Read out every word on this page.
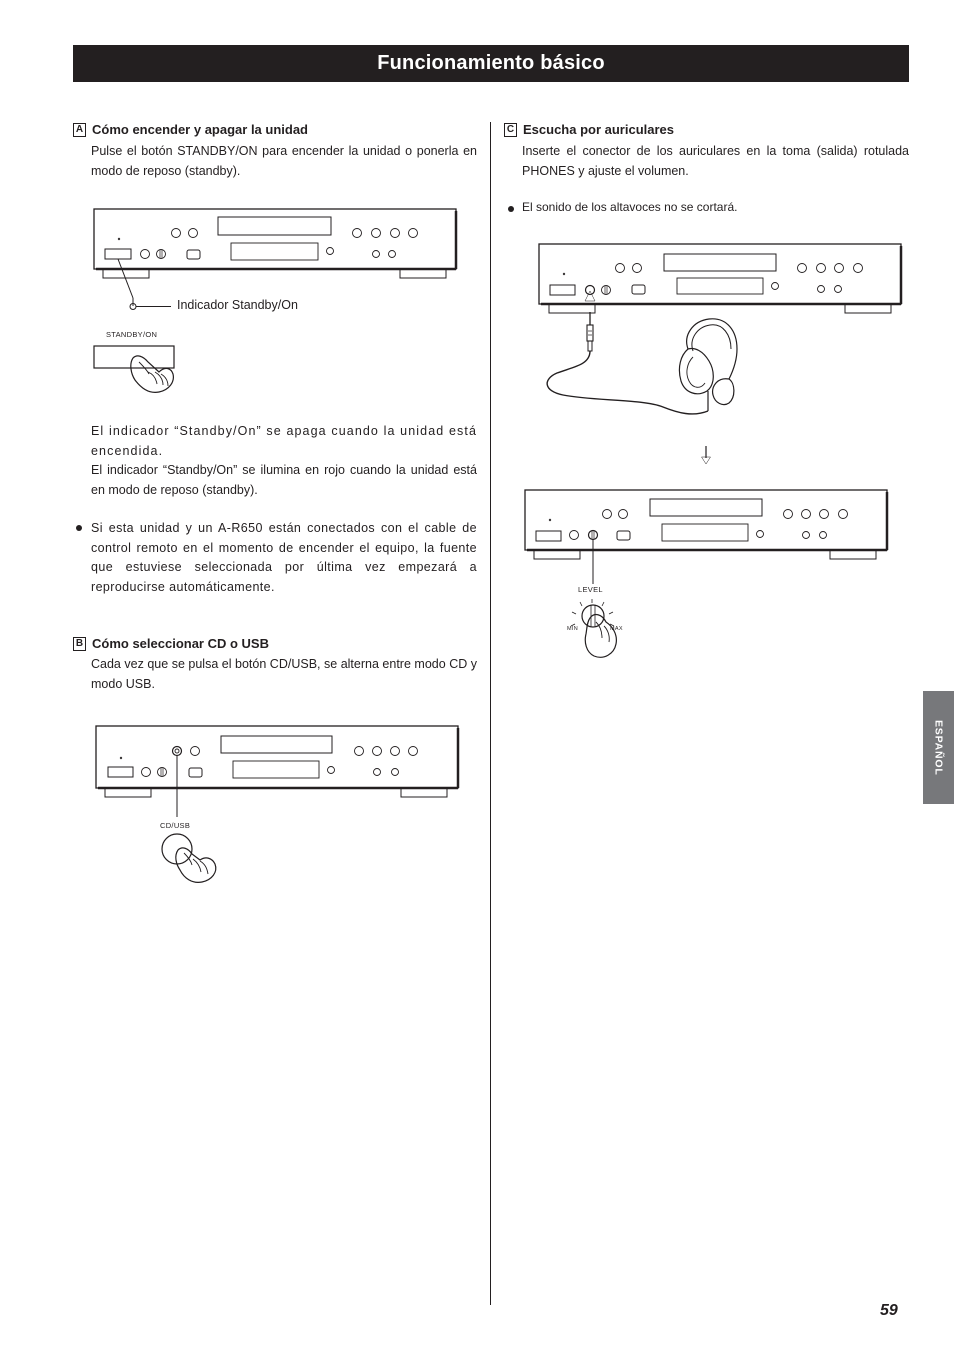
Funcionamiento básico
A Cómo encender y apagar la unidad

Pulse el botón STANDBY/ON para encender la unidad o ponerla en modo de reposo (standby).

Indicador Standby/On
STANDBY/ON

El indicador “Standby/On” se apaga cuando la unidad está encendida.

El indicador “Standby/On” se ilumina en rojo cuando la unidad está en modo de reposo (standby).

Si esta unidad y un A-R650 están conectados con el cable de control remoto en el momento de encender el equipo, la fuente que estuviese seleccionada por última vez empezará a reproducirse automáticamente.

B Cómo seleccionar CD o USB

Cada vez que se pulsa el botón CD/USB, se alterna entre modo CD y modo USB.

CD/USB
C Escucha por auriculares

Inserte el conector de los auriculares en la toma (salida) rotulada PHONES y ajuste el volumen.

El sonido de los altavoces no se cortará.
LEVEL
MIN	MAX
ESPAÑOL
59
